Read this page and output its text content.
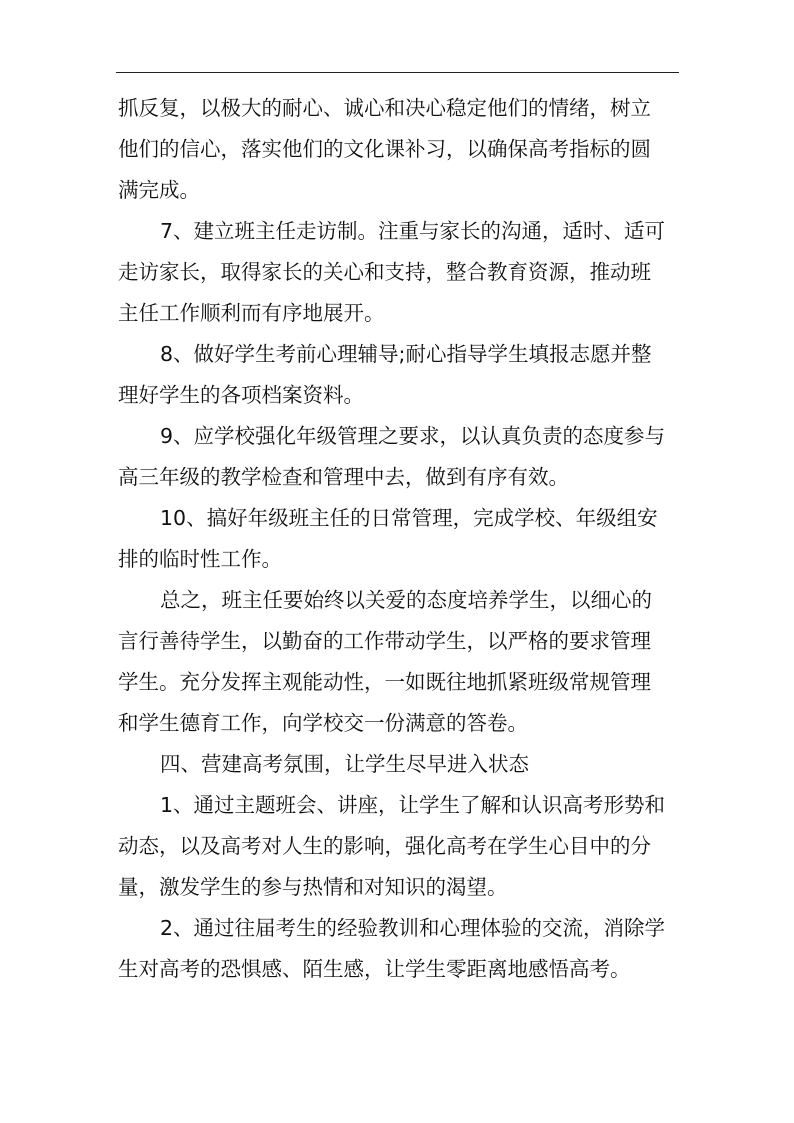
抓反复，以极大的耐心、诚心和决心稳定他们的情绪，树立
他们的信心，落实他们的文化课补习，以确保高考指标的圆
满完成。
7、建立班主任走访制。注重与家长的沟通，适时、适可
走访家长，取得家长的关心和支持，整合教育资源，推动班
主任工作顺利而有序地展开。
8、做好学生考前心理辅导;耐心指导学生填报志愿并整
理好学生的各项档案资料。
9、应学校强化年级管理之要求，以认真负责的态度参与
高三年级的教学检查和管理中去，做到有序有效。
10、搞好年级班主任的日常管理，完成学校、年级组安
排的临时性工作。
总之，班主任要始终以关爱的态度培养学生，以细心的
言行善待学生，以勤奋的工作带动学生，以严格的要求管理
学生。充分发挥主观能动性，一如既往地抓紧班级常规管理
和学生德育工作，向学校交一份满意的答卷。
四、营建高考氛围，让学生尽早进入状态
1、通过主题班会、讲座，让学生了解和认识高考形势和
动态，以及高考对人生的影响，强化高考在学生心目中的分
量，激发学生的参与热情和对知识的渴望。
2、通过往届考生的经验教训和心理体验的交流，消除学
生对高考的恐惧感、陌生感，让学生零距离地感悟高考。
